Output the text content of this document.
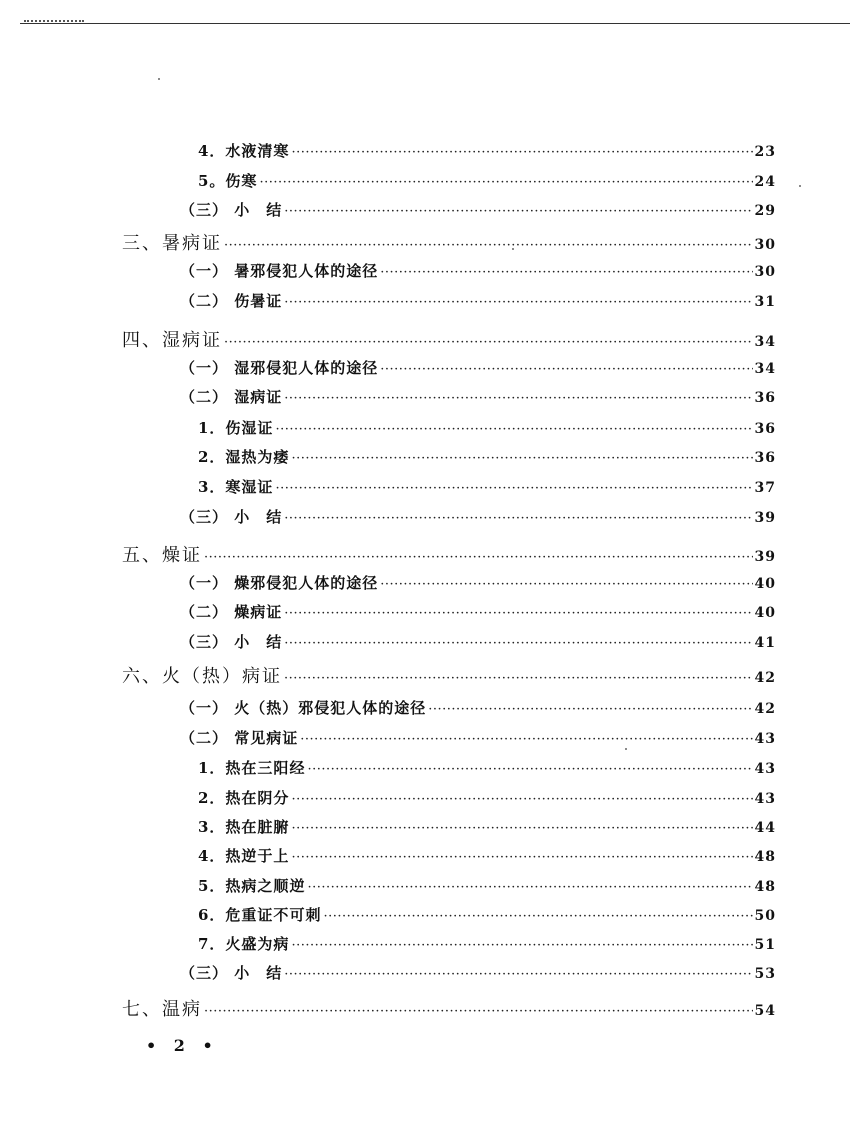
4．水液清寒 ·····	23
5。伤寒 ·····	24
（三） 小　结 ·····	29
三、暑病证 ·····	30
（一） 暑邪侵犯人体的途径 ·····	30
（二） 伤暑证 ·····	31
四、湿病证 ·····	34
（一） 湿邪侵犯人体的途径 ·····	34
（二） 湿病证 ·····	36
1．伤湿证 ·····	36
2．湿热为痿 ·····	36
3．寒湿证 ·····	37
（三） 小　结 ·····	39
五、燥证 ·····	39
（一） 燥邪侵犯人体的途径 ·····	40
（二） 燥病证 ·····	40
（三） 小　结 ·····	41
六、火（热）病证 ·····	42
（一） 火（热）邪侵犯人体的途径 ·····	42
（二） 常见病证 ·····	43
1．热在三阳经 ·····	43
2．热在阴分 ·····	43
3．热在脏腑 ·····	44
4．热逆于上 ·····	48
5．热病之顺逆 ·····	48
6．危重证不可刺 ·····	50
7．火盛为病 ·····	51
（三） 小　结 ·····	53
七、温病 ·····	54
• 2 •
